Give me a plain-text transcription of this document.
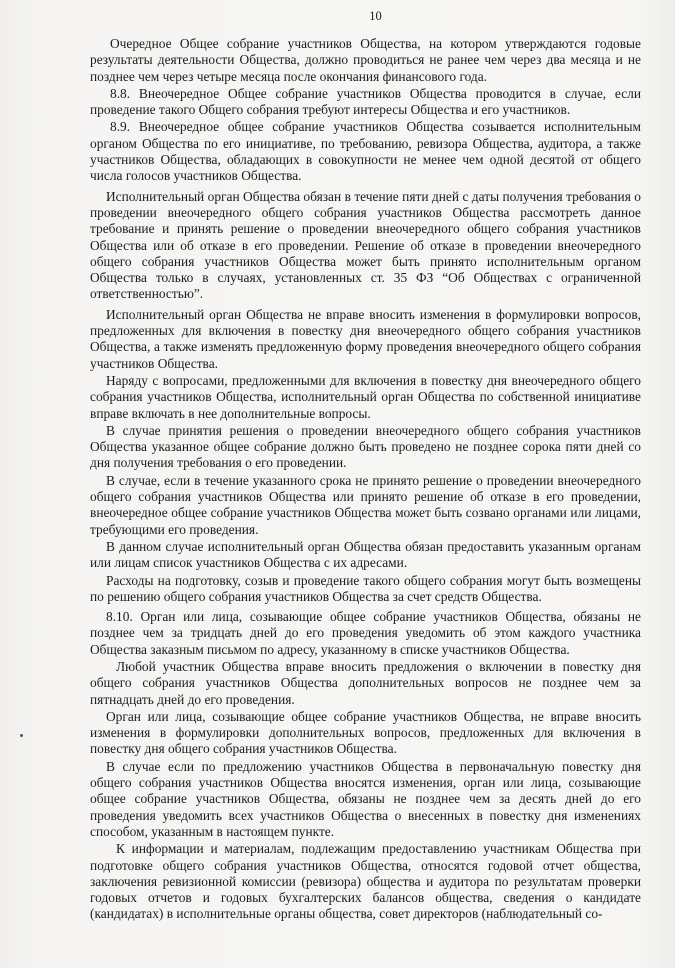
10

Очередное Общее собрание участников Общества, на котором утверждаются годовые результаты деятельности Общества, должно проводиться не ранее чем через два месяца и не позднее чем через четыре месяца после окончания финансового года.

8.8. Внеочередное Общее собрание участников Общества проводится в случае, если проведение такого Общего собрания требуют интересы Общества и его участников.

8.9. Внеочередное общее собрание участников Общества созывается исполнительным органом Общества по его инициативе, по требованию, ревизора Общества, аудитора, а также участников Общества, обладающих в совокупности не менее чем одной десятой от общего числа голосов участников Общества.

Исполнительный орган Общества обязан в течение пяти дней с даты получения требования о проведении внеочередного общего собрания участников Общества рассмотреть данное требование и принять решение о проведении внеочередного общего собрания участников Общества или об отказе в его проведении. Решение об отказе в проведении внеочередного общего собрания участников Общества может быть принято исполнительным органом Общества только в случаях, установленных ст. 35 ФЗ “Об Обществах с ограниченной ответственностью”.

Исполнительный орган Общества не вправе вносить изменения в формулировки вопросов, предложенных для включения в повестку дня внеочередного общего собрания участников Общества, а также изменять предложенную форму проведения внеочередного общего собрания участников Общества.

Наряду с вопросами, предложенными для включения в повестку дня внеочередного общего собрания участников Общества, исполнительный орган Общества по собственной инициативе вправе включать в нее дополнительные вопросы.

В случае принятия решения о проведении внеочередного общего собрания участников Общества указанное общее собрание должно быть проведено не позднее сорока пяти дней со дня получения требования о его проведении.

В случае, если в течение указанного срока не принято решение о проведении внеочередного общего собрания участников Общества или принято решение об отказе в его проведении, внеочередное общее собрание участников Общества может быть созвано органами или лицами, требующими его проведения.

В данном случае исполнительный орган Общества обязан предоставить указанным органам или лицам список участников Общества с их адресами.

Расходы на подготовку, созыв и проведение такого общего собрания могут быть возмещены по решению общего собрания участников Общества за счет средств Общества.

8.10. Орган или лица, созывающие общее собрание участников Общества, обязаны не позднее чем за тридцать дней до его проведения уведомить об этом каждого участника Общества заказным письмом по адресу, указанному в списке участников Общества.

Любой участник Общества вправе вносить предложения о включении в повестку дня общего собрания участников Общества дополнительных вопросов не позднее чем за пятнадцать дней до его проведения.

Орган или лица, созывающие общее собрание участников Общества, не вправе вносить изменения в формулировки дополнительных вопросов, предложенных для включения в повестку дня общего собрания участников Общества.

В случае если по предложению участников Общества в первоначальную повестку дня общего собрания участников Общества вносятся изменения, орган или лица, созывающие общее собрание участников Общества, обязаны не позднее чем за десять дней до его проведения уведомить всех участников Общества о внесенных в повестку дня изменениях способом, указанным в настоящем пункте.

К информации и материалам, подлежащим предоставлению участникам Общества при подготовке общего собрания участников Общества, относятся годовой отчет общества, заключения ревизионной комиссии (ревизора) общества и аудитора по результатам проверки годовых отчетов и годовых бухгалтерских балансов общества, сведения о кандидате (кандидатах) в исполнительные органы общества, совет директоров (наблюдательный со-
